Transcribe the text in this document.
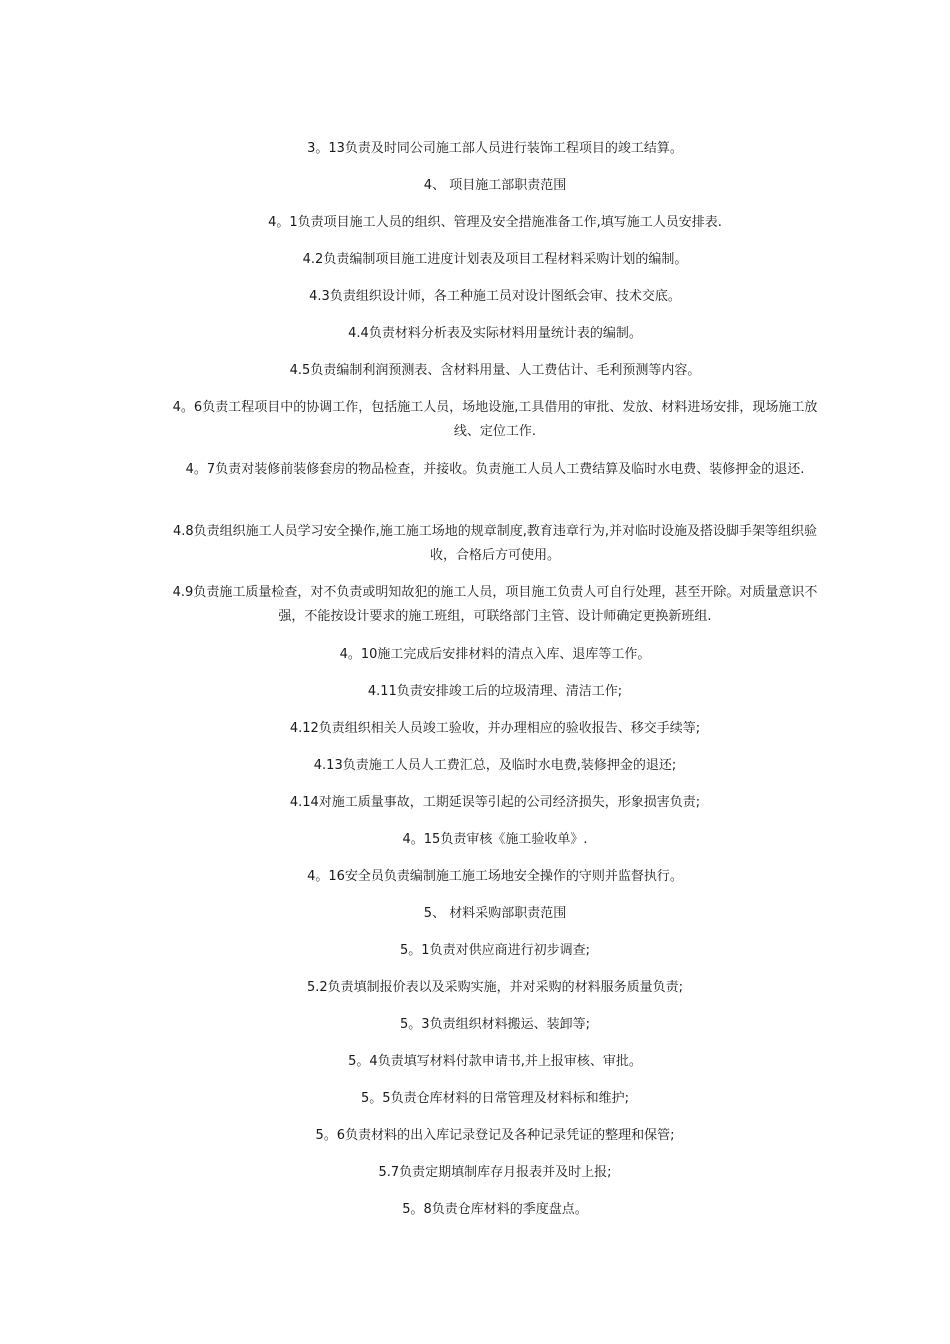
3。13负责及时同公司施工部人员进行装饰工程项目的竣工结算。

4、 项目施工部职责范围

4。1负责项目施工人员的组织、管理及安全措施准备工作,填写施工人员安排表.

4.2负责编制项目施工进度计划表及项目工程材料采购计划的编制。

4.3负责组织设计师，各工种施工员对设计图纸会审、技术交底。

4.4负责材料分析表及实际材料用量统计表的编制。

4.5负责编制利润预测表、含材料用量、人工费估计、毛利预测等内容。

4。6负责工程项目中的协调工作，包括施工人员，场地设施,工具借用的审批、发放、材料进场安排，现场施工放线、定位工作.

4。7负责对装修前装修套房的物品检查，并接收。负责施工人员人工费结算及临时水电费、装修押金的退还.

4.8负责组织施工人员学习安全操作,施工施工场地的规章制度,教育违章行为,并对临时设施及搭设脚手架等组织验收，合格后方可使用。

4.9负责施工质量检查，对不负责或明知故犯的施工人员，项目施工负责人可自行处理，甚至开除。对质量意识不强，不能按设计要求的施工班组，可联络部门主管、设计师确定更换新班组.

4。10施工完成后安排材料的清点入库、退库等工作。

4.11负责安排竣工后的垃圾清理、清洁工作;

4.12负责组织相关人员竣工验收，并办理相应的验收报告、移交手续等;

4.13负责施工人员人工费汇总，及临时水电费,装修押金的退还;

4.14对施工质量事故，工期延误等引起的公司经济损失，形象损害负责;

4。15负责审核《施工验收单》.

4。16安全员负责编制施工施工场地安全操作的守则并监督执行。

5、 材料采购部职责范围

5。1负责对供应商进行初步调查;

5.2负责填制报价表以及采购实施，并对采购的材料服务质量负责;

5。3负责组织材料搬运、装卸等;

5。4负责填写材料付款申请书,并上报审核、审批。

5。5负责仓库材料的日常管理及材料标和维护;

5。6负责材料的出入库记录登记及各种记录凭证的整理和保管;

5.7负责定期填制库存月报表并及时上报;

5。8负责仓库材料的季度盘点。
